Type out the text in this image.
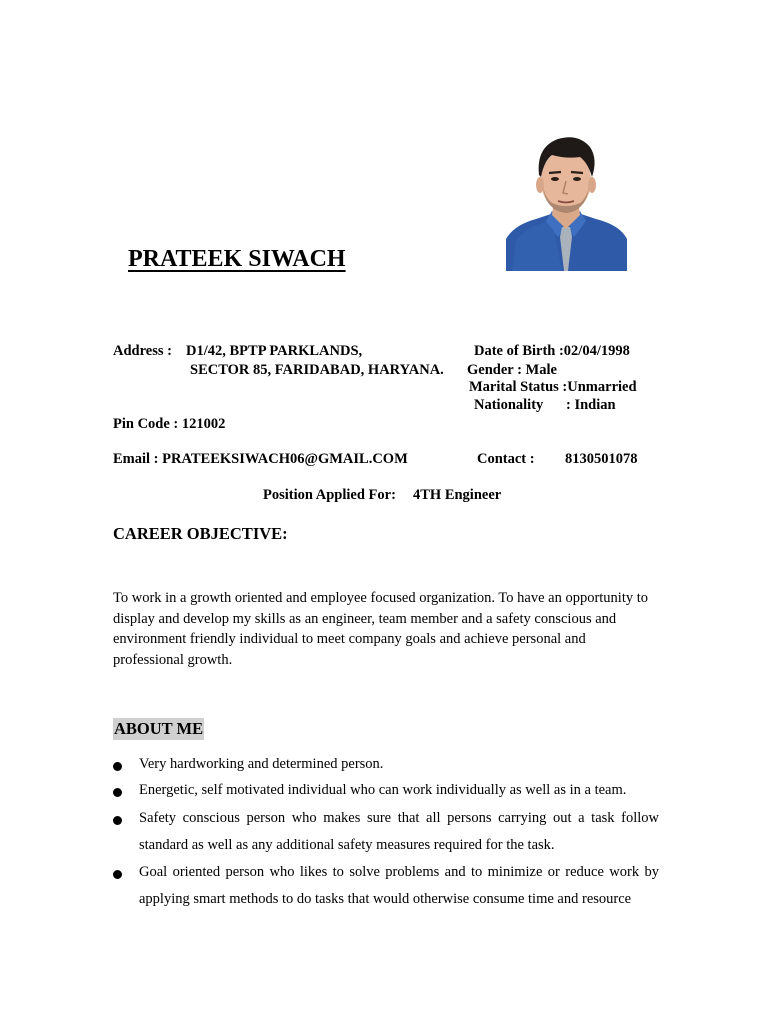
PRATEEK SIWACH
Address : D1/42, BPTP PARKLANDS,
SECTOR 85, FARIDABAD, HARYANA.
Date of Birth :02/04/1998
Gender : Male
Marital Status :Unmarried
Nationality : Indian
Pin Code : 121002
Email : PRATEEKSIWACH06@GMAIL.COM	Contact : 8130501078
Position Applied For: 4TH Engineer
CAREER OBJECTIVE:
To work in a growth oriented and employee focused organization. To have an opportunity to display and develop my skills as an engineer, team member and a safety conscious and environment friendly individual to meet company goals and achieve personal and professional growth.
ABOUT ME
Very hardworking and determined person.
Energetic, self motivated individual who can work individually as well as in a team.
Safety conscious person who makes sure that all persons carrying out a task follow standard as well as any additional safety measures required for the task.
Goal oriented person who likes to solve problems and to minimize or reduce work by applying smart methods to do tasks that would otherwise consume time and resource
